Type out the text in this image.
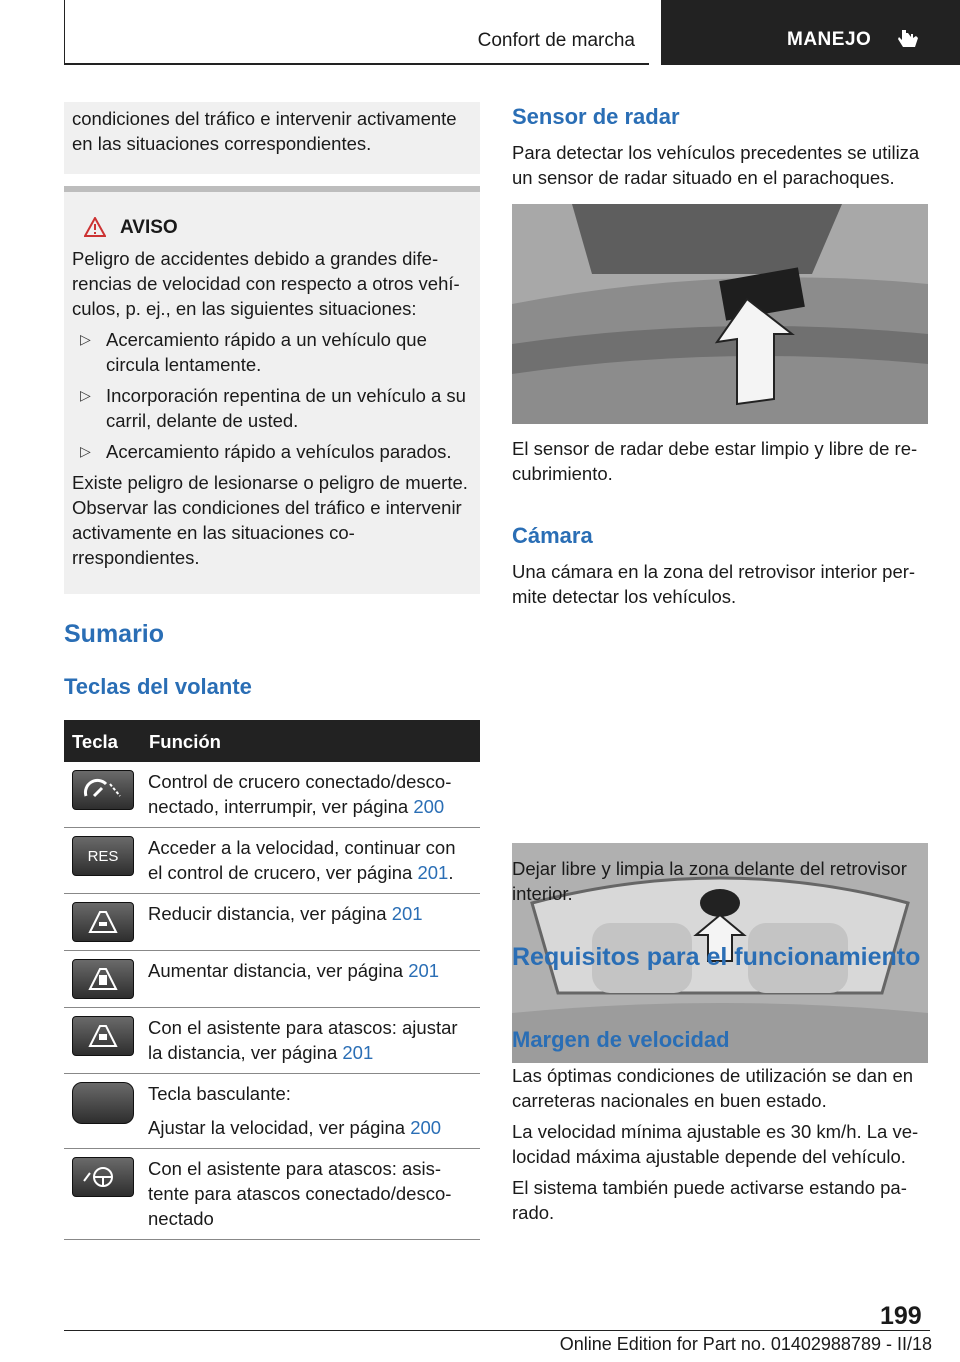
Confort de marcha	MANEJO

condiciones del tráfico e intervenir activamente en las situaciones correspondientes.

AVISO

Peligro de accidentes debido a grandes diferencias de velocidad con respecto a otros vehículos, p. ej., en las siguientes situaciones:

▷ Acercamiento rápido a un vehículo que circula lentamente.
▷ Incorporación repentina de un vehículo a su carril, delante de usted.
▷ Acercamiento rápido a vehículos parados.

Existe peligro de lesionarse o peligro de muerte. Observar las condiciones del tráfico e intervenir activamente en las situaciones correspondientes.

Sumario
Teclas del volante
Tecla	Función

	Control de crucero conectado/desconectado, interrumpir, ver página 200

RES	Acceder a la velocidad, continuar con el control de crucero, ver página 201.

	Reducir distancia, ver página 201

	Aumentar distancia, ver página 201

	Con el asistente para atascos: ajustar la distancia, ver página 201

	Tecla basculante:
Ajustar la velocidad, ver página 200

	Con el asistente para atascos: asistente para atascos conectado/desconectado
Sensor de radar

Para detectar los vehículos precedentes se utiliza un sensor de radar situado en el parachoques.

El sensor de radar debe estar limpio y libre de recubrimiento.

Cámara

Una cámara en la zona del retrovisor interior permite detectar los vehículos.

Dejar libre y limpia la zona delante del retrovisor interior.

Requisitos para el funcionamiento
Margen de velocidad

Las óptimas condiciones de utilización se dan en carreteras nacionales en buen estado.

La velocidad mínima ajustable es 30 km/h. La velocidad máxima ajustable depende del vehículo.

El sistema también puede activarse estando parado.

199
Online Edition for Part no. 01402988789 - II/18
